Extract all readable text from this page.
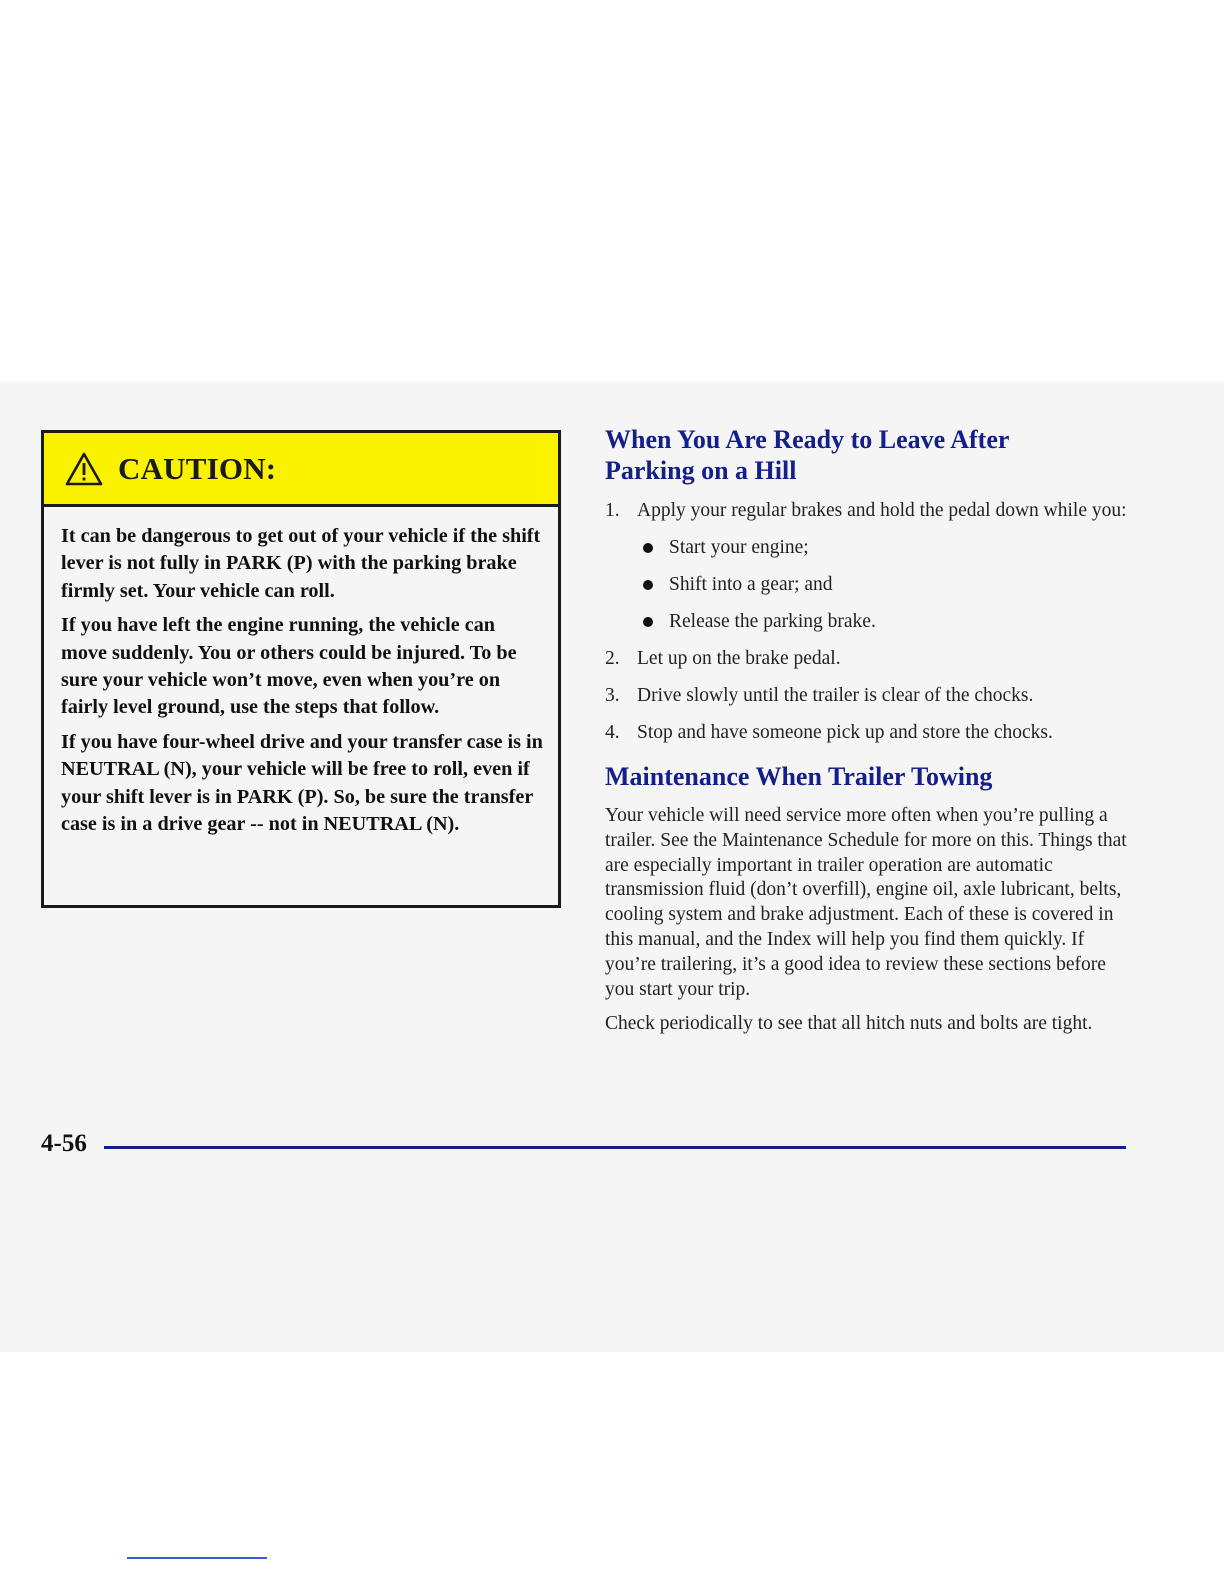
CAUTION:

It can be dangerous to get out of your vehicle if the shift lever is not fully in PARK (P) with the parking brake firmly set. Your vehicle can roll.

If you have left the engine running, the vehicle can move suddenly. You or others could be injured. To be sure your vehicle won’t move, even when you’re on fairly level ground, use the steps that follow.

If you have four-wheel drive and your transfer case is in NEUTRAL (N), your vehicle will be free to roll, even if your shift lever is in PARK (P). So, be sure the transfer case is in a drive gear -- not in NEUTRAL (N).

When You Are Ready to Leave After Parking on a Hill
1. Apply your regular brakes and hold the pedal down while you:
Start your engine;
Shift into a gear; and
Release the parking brake.
2. Let up on the brake pedal.
3. Drive slowly until the trailer is clear of the chocks.
4. Stop and have someone pick up and store the chocks.
Maintenance When Trailer Towing

Your vehicle will need service more often when you’re pulling a trailer. See the Maintenance Schedule for more on this. Things that are especially important in trailer operation are automatic transmission fluid (don’t overfill), engine oil, axle lubricant, belts, cooling system and brake adjustment. Each of these is covered in this manual, and the Index will help you find them quickly. If you’re trailering, it’s a good idea to review these sections before you start your trip.

Check periodically to see that all hitch nuts and bolts are tight.

4-56
